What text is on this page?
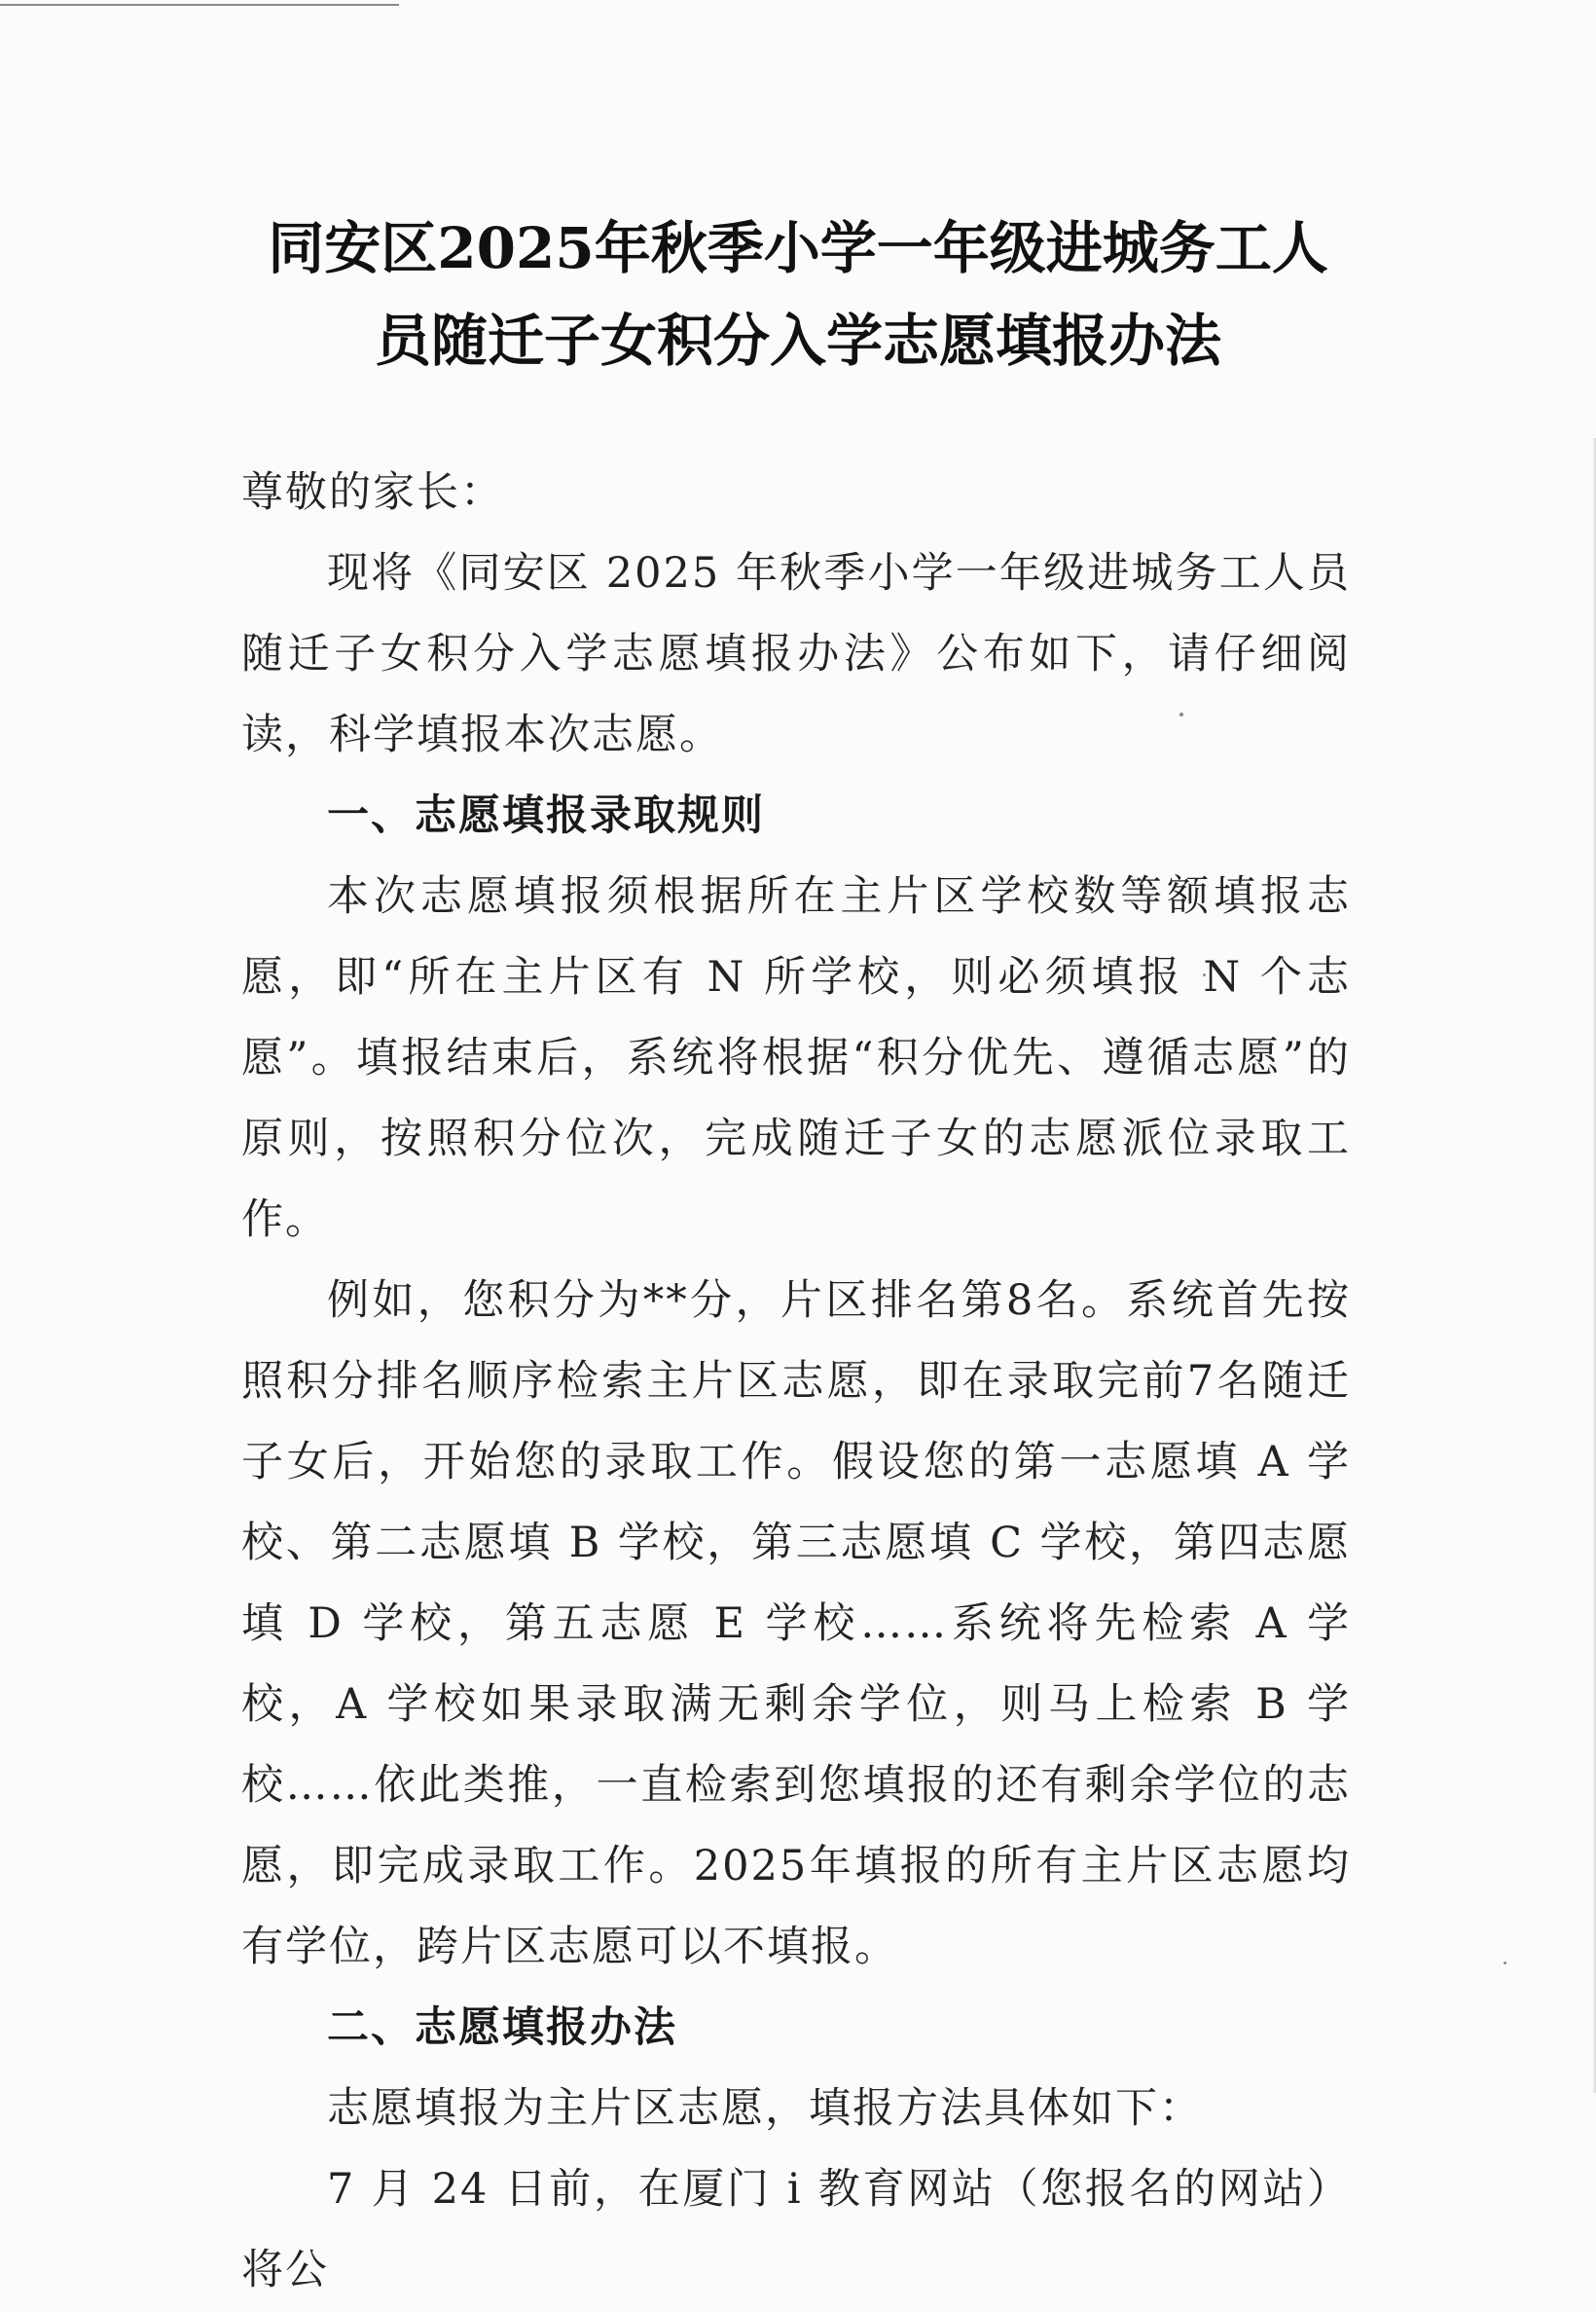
同安区2025年秋季小学一年级进城务工人
员随迁子女积分入学志愿填报办法

尊敬的家长：

现将《同安区 2025 年秋季小学一年级进城务工人员随迁子女积分入学志愿填报办法》公布如下，请仔细阅读，科学填报本次志愿。

一、志愿填报录取规则

本次志愿填报须根据所在主片区学校数等额填报志愿，即“所在主片区有 N 所学校，则必须填报 N 个志愿”。填报结束后，系统将根据“积分优先、遵循志愿”的原则，按照积分位次，完成随迁子女的志愿派位录取工作。

例如，您积分为**分，片区排名第8名。系统首先按照积分排名顺序检索主片区志愿，即在录取完前7名随迁子女后，开始您的录取工作。假设您的第一志愿填 A 学校、第二志愿填 B 学校，第三志愿填 C 学校，第四志愿填 D 学校，第五志愿 E 学校……系统将先检索 A 学校，A 学校如果录取满无剩余学位，则马上检索 B 学校……依此类推，一直检索到您填报的还有剩余学位的志愿，即完成录取工作。2025年填报的所有主片区志愿均有学位，跨片区志愿可以不填报。

二、志愿填报办法

志愿填报为主片区志愿，填报方法具体如下：

7 月 24 日前，在厦门 i 教育网站（您报名的网站）将公
